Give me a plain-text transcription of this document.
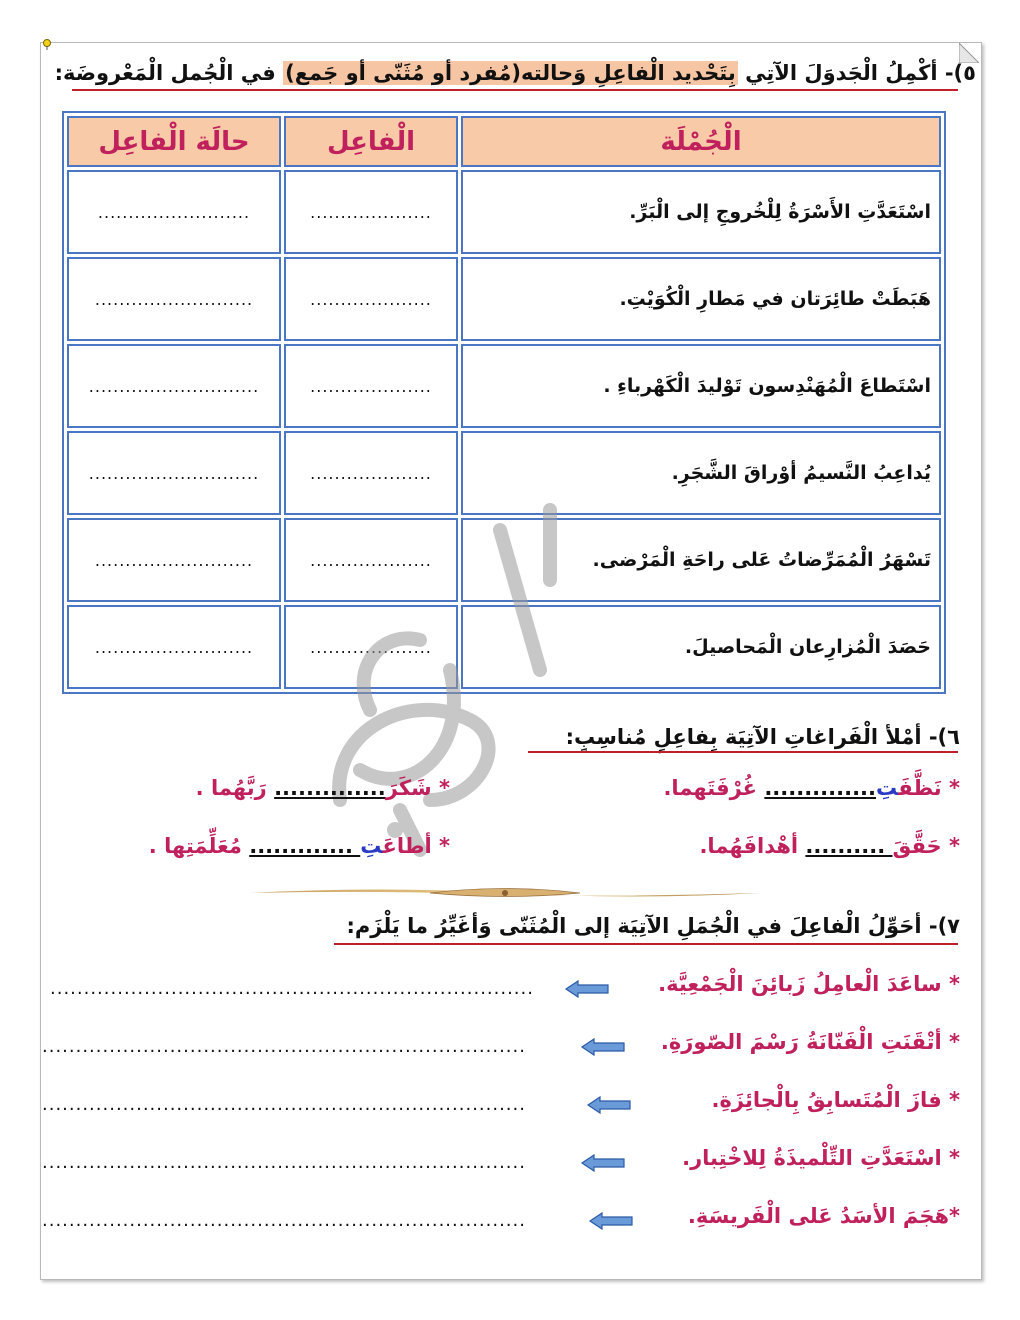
٥)- أكْمِلُ الْجَدوَلَ الآتِي بِتَحْديد الْفاعِلِ وَحالته(مُفرد أو مُثَنّى أو جَمع) في الْجُمل الْمَعْروضَة:
الْجُمْلَة	الْفاعِل	حالَة الْفاعِل
اسْتَعَدَّتِ الأَسْرَةُ لِلْخُروجِ إلى الْبَرِّ.	....................	.........................
هَبَطَتْ طائِرَتان في مَطارِ الْكُوَيْتِ.	....................	..........................
اسْتَطاعَ الْمُهَنْدِسون تَوْليدَ الْكَهْرباءِ .	....................	............................
يُداعِبُ النَّسيمُ أوْراقَ الشَّجَرِ.	....................	............................
تَسْهَرُ الْمُمَرِّضاتُ عَلى راحَةِ الْمَرْضى.	....................	..........................
حَصَدَ الْمُزارِعان الْمَحاصيلَ.	....................	..........................
٦)- أمْلأ الْفَراغاتِ الآتِيَة بِفاعِلٍ مُناسِبٍ:
* نَظَّفَتِ.............. غُرْفَتَهما.
* شَكَرَ.............. رَبَّهُما .
* حَقَّقَ .......... أهْدافَهُما.
* أطاعَتِ ............. مُعَلِّمَتِها .
٧)- أحَوِّلُ الْفاعِلَ في الْجُمَلِ الآتِيَة إلى الْمُثَنّى وَأغَيِّرُ ما يَلْزَم:
* ساعَدَ الْعامِلُ زَبائِنَ الْجَمْعِيَّة.
........................................................................
* أتْقَنَتِ الْفَنّانَةُ رَسْمَ الصّورَةِ.
........................................................................
* فازَ الْمُتَسابِقُ بِالْجائِزَةِ.
........................................................................
* اسْتَعَدَّتِ التِّلْميذَةُ لِلاخْتِبار.
........................................................................
*هَجَمَ الأسَدُ عَلى الْفَريسَةِ.
........................................................................
